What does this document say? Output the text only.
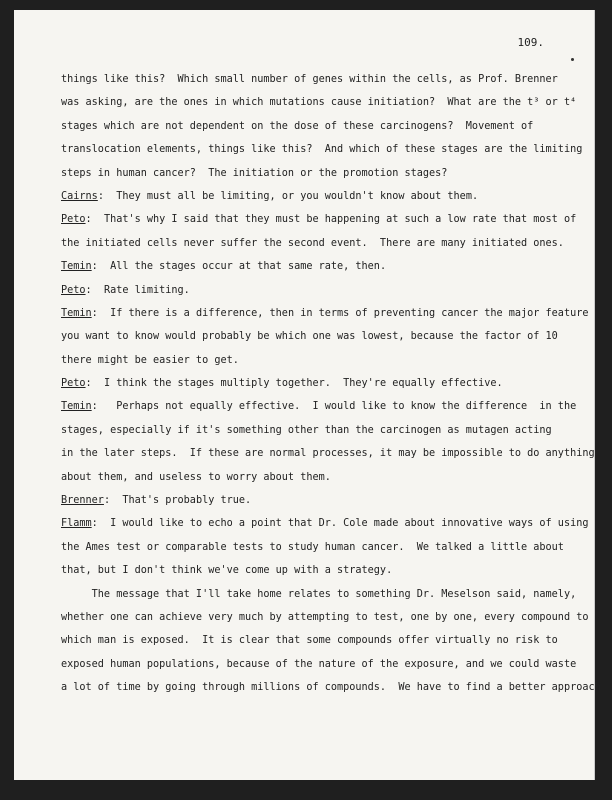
109.
things like this?  Which small number of genes within the cells, as Prof. Brenner
was asking, are the ones in which mutations cause initiation?  What are the t³ or t⁴
stages which are not dependent on the dose of these carcinogens?  Movement of
translocation elements, things like this?  And which of these stages are the limiting
steps in human cancer?  The initiation or the promotion stages?
Cairns:  They must all be limiting, or you wouldn't know about them.
Peto:  That's why I said that they must be happening at such a low rate that most of
the initiated cells never suffer the second event.  There are many initiated ones.
Temin:  All the stages occur at that same rate, then.
Peto:  Rate limiting.
Temin:  If there is a difference, then in terms of preventing cancer the major feature
you want to know would probably be which one was lowest, because the factor of 10
there might be easier to get.
Peto:  I think the stages multiply together.  They're equally effective.
Temin:   Perhaps not equally effective.  I would like to know the difference  in the
stages, especially if it's something other than the carcinogen as mutagen acting
in the later steps.  If these are normal processes, it may be impossible to do anything
about them, and useless to worry about them.
Brenner:  That's probably true.
Flamm:  I would like to echo a point that Dr. Cole made about innovative ways of using
the Ames test or comparable tests to study human cancer.  We talked a little about
that, but I don't think we've come up with a strategy.
The message that I'll take home relates to something Dr. Meselson said, namely,
whether one can achieve very much by attempting to test, one by one, every compound to
which man is exposed.  It is clear that some compounds offer virtually no risk to
exposed human populations, because of the nature of the exposure, and we could waste
a lot of time by going through millions of compounds.  We have to find a better approach
